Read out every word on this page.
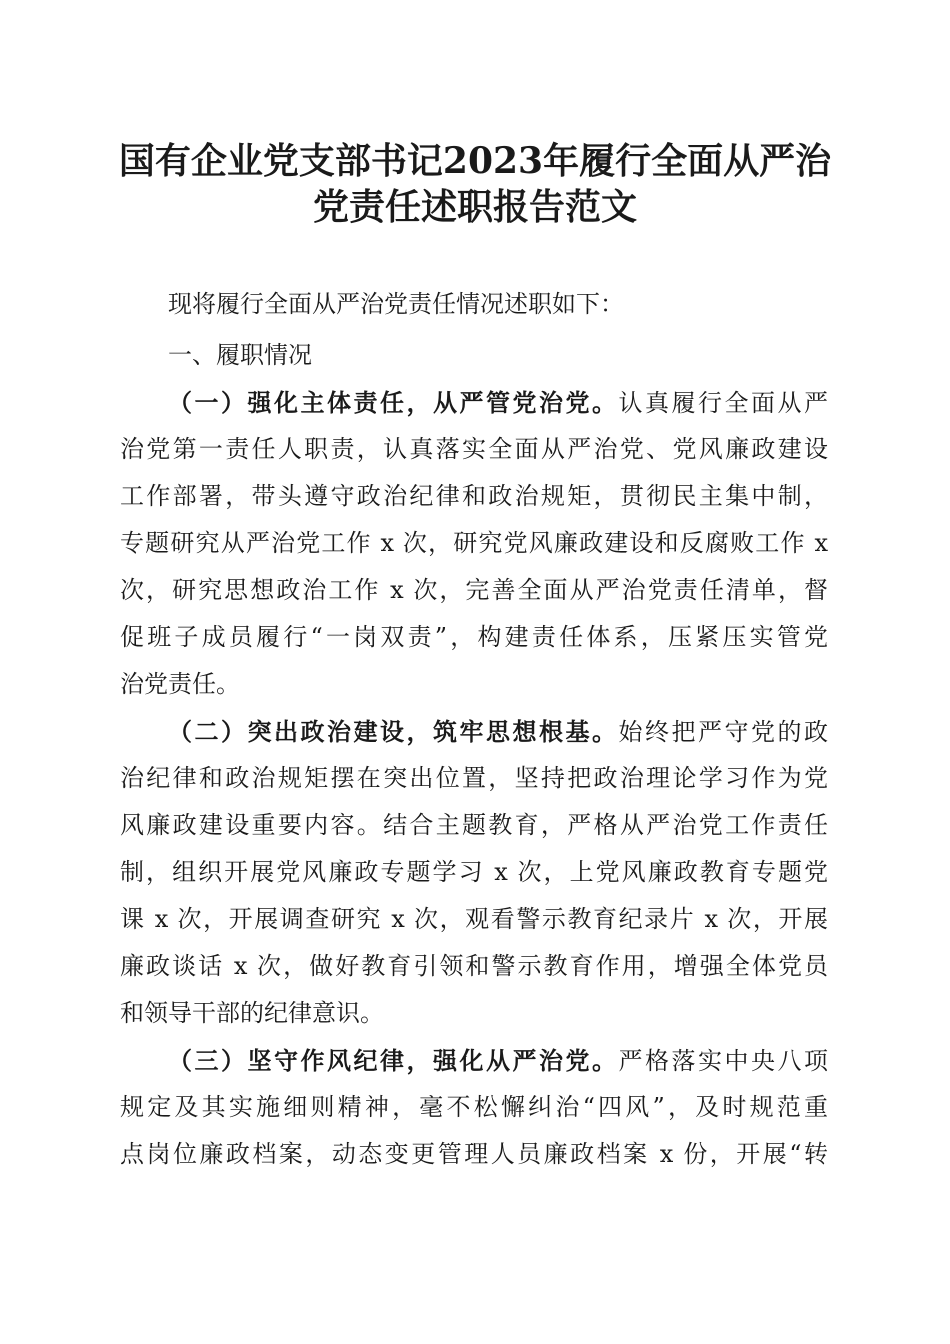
国有企业党支部书记2023年履行全面从严治
党责任述职报告范文

现将履行全面从严治党责任情况述职如下：

一、履职情况

（一）强化主体责任，从严管党治党。认真履行全面从严
治党第一责任人职责，认真落实全面从严治党、党风廉政建设
工作部署，带头遵守政治纪律和政治规矩，贯彻民主集中制，
专题研究从严治党工作 x 次，研究党风廉政建设和反腐败工作 x
次，研究思想政治工作 x 次，完善全面从严治党责任清单，督
促班子成员履行“一岗双责”，构建责任体系，压紧压实管党
治党责任。
（二）突出政治建设，筑牢思想根基。始终把严守党的政
治纪律和政治规矩摆在突出位置，坚持把政治理论学习作为党
风廉政建设重要内容。结合主题教育，严格从严治党工作责任
制，组织开展党风廉政专题学习 x 次，上党风廉政教育专题党
课 x 次，开展调查研究 x 次，观看警示教育纪录片 x 次，开展
廉政谈话 x 次，做好教育引领和警示教育作用，增强全体党员
和领导干部的纪律意识。
（三）坚守作风纪律，强化从严治党。严格落实中央八项
规定及其实施细则精神，毫不松懈纠治“四风”，及时规范重
点岗位廉政档案，动态变更管理人员廉政档案 x 份，开展“转
